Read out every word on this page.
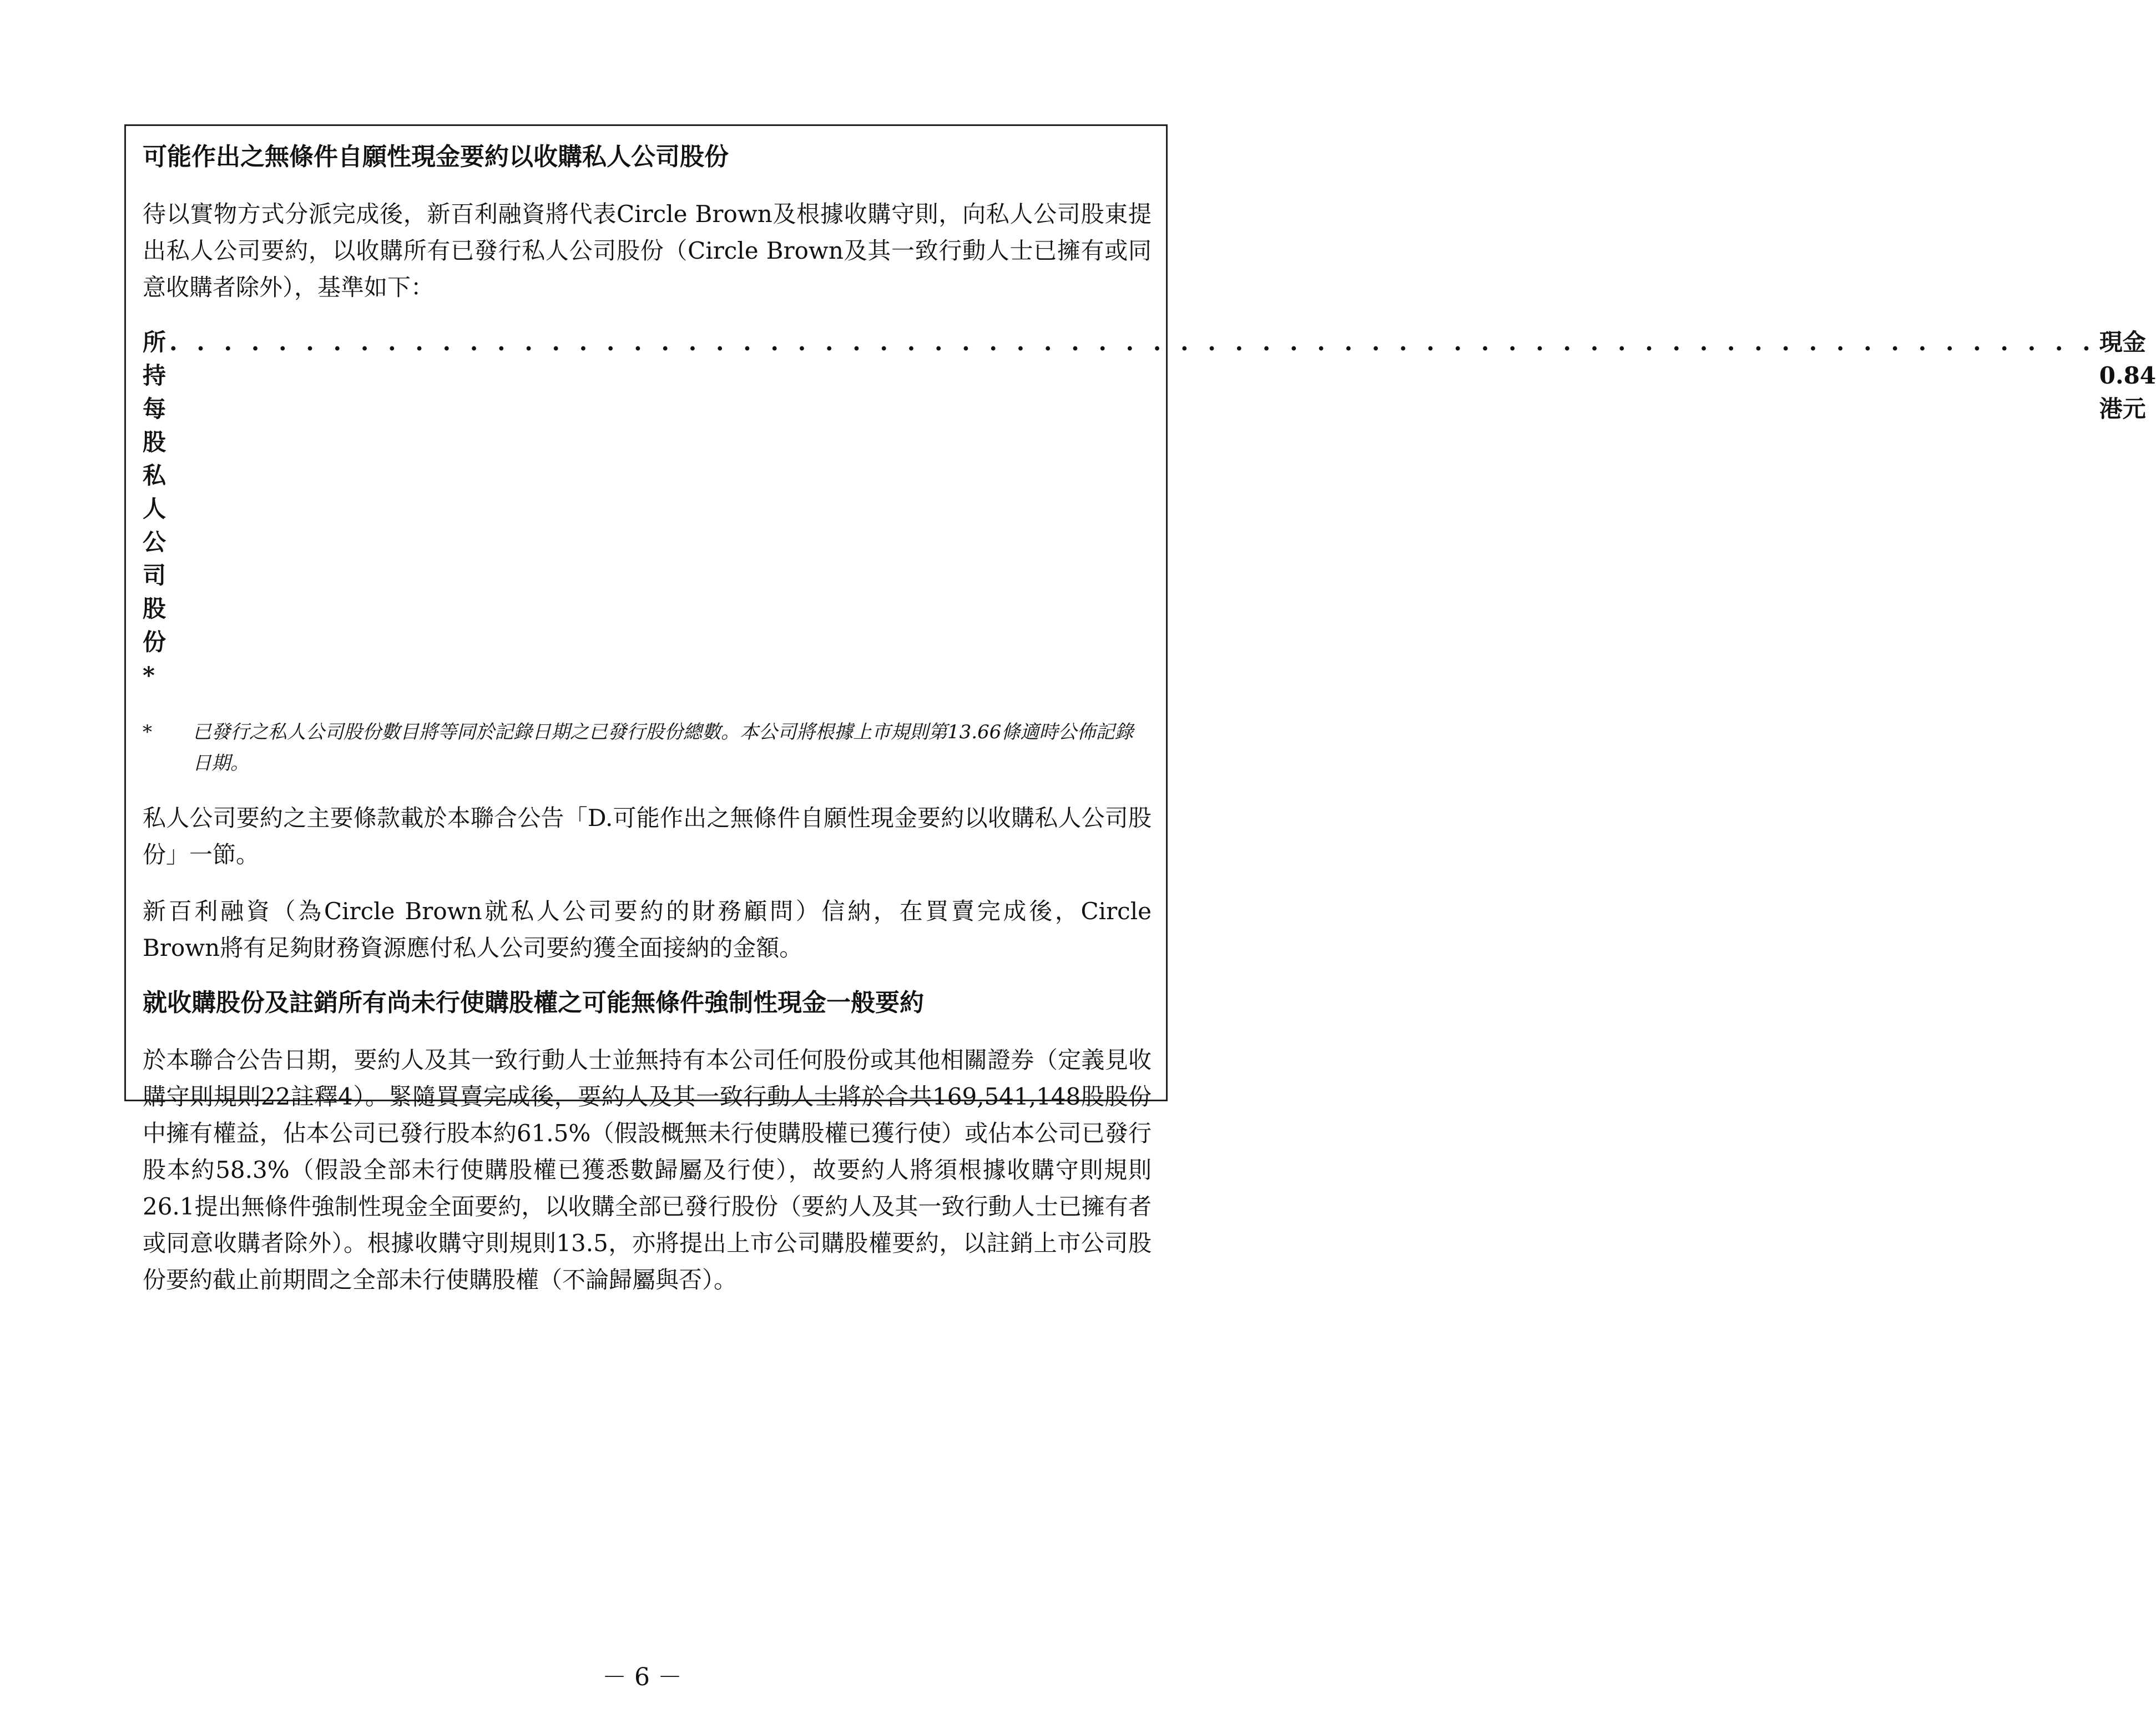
可能作出之無條件自願性現金要約以收購私人公司股份
待以實物方式分派完成後，新百利融資將代表Circle Brown及根據收購守則，向私人公司股東提出私人公司要約，以收購所有已發行私人公司股份（Circle Brown及其一致行動人士已擁有或同意收購者除外），基準如下：
所持每股私人公司股份*
. . . . . . . . . . . . . . . . . . . . . . . . . . . . . . . . . . . . . . . . . . . . . . . . . . . . . . . . . . . . . . . . . . . . . . . 現金0.84港元
*	已發行之私人公司股份數目將等同於記錄日期之已發行股份總數。本公司將根據上市規則第13.66條適時公佈記錄日期。
私人公司要約之主要條款載於本聯合公告「D.可能作出之無條件自願性現金要約以收購私人公司股份」一節。
新百利融資（為Circle Brown就私人公司要約的財務顧問）信納，在買賣完成後，Circle Brown將有足夠財務資源應付私人公司要約獲全面接納的金額。
就收購股份及註銷所有尚未行使購股權之可能無條件強制性現金一般要約
於本聯合公告日期，要約人及其一致行動人士並無持有本公司任何股份或其他相關證券（定義見收購守則規則22註釋4）。緊隨買賣完成後，要約人及其一致行動人士將於合共169,541,148股股份中擁有權益，佔本公司已發行股本約61.5%（假設概無未行使購股權已獲行使）或佔本公司已發行股本約58.3%（假設全部未行使購股權已獲悉數歸屬及行使），故要約人將須根據收購守則規則26.1提出無條件強制性現金全面要約，以收購全部已發行股份（要約人及其一致行動人士已擁有者或同意收購者除外）。根據收購守則規則13.5，亦將提出上市公司購股權要約，以註銷上市公司股份要約截止前期間之全部未行使購股權（不論歸屬與否）。
－ 6 －
